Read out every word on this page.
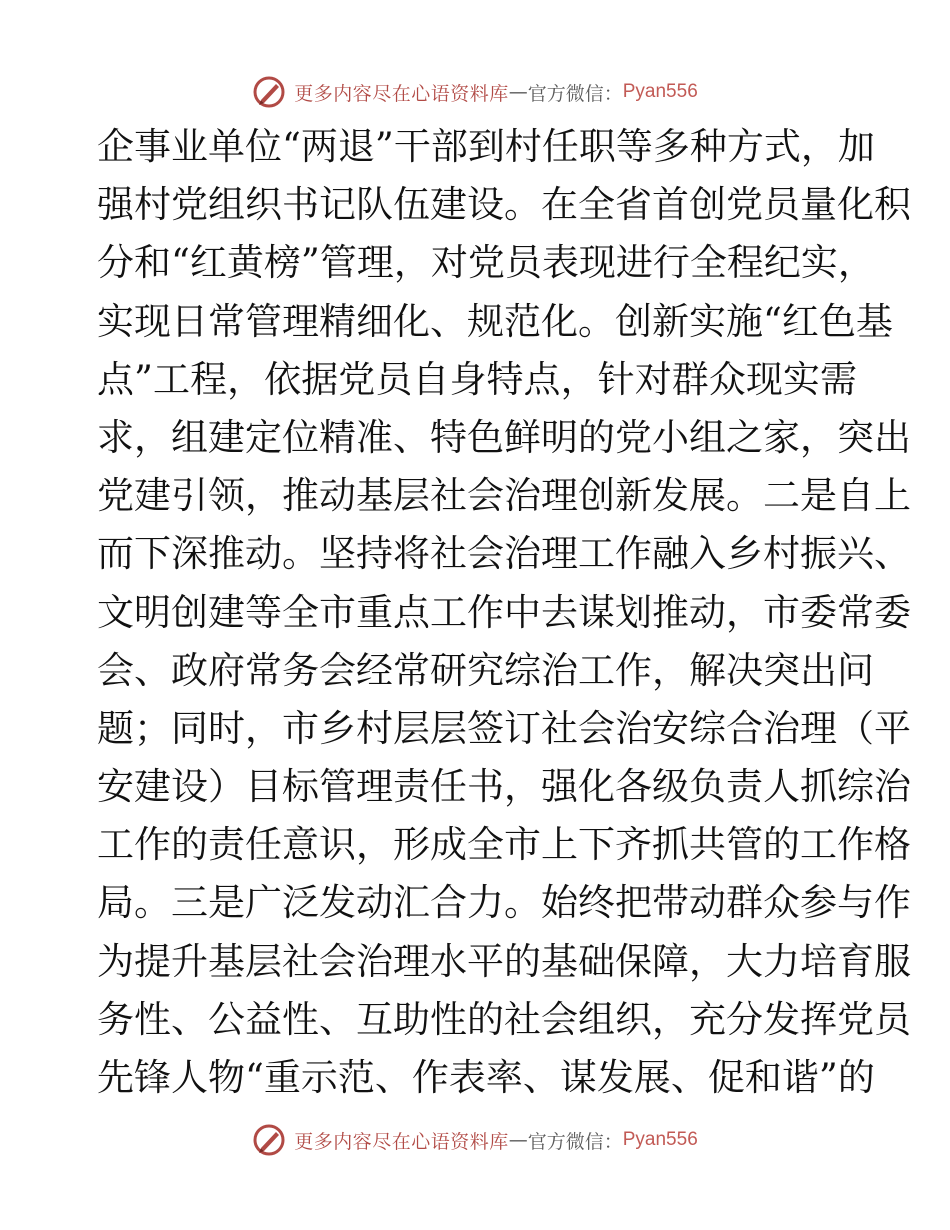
更多内容尽在心语资料库 — 官方微信： Pyan556
企事业单位“两退”干部到村任职等多种方式，加
强村党组织书记队伍建设。在全省首创党员量化积
分和“红黄榜”管理，对党员表现进行全程纪实，
实现日常管理精细化、规范化。创新实施“红色基
点”工程，依据党员自身特点，针对群众现实需
求，组建定位精准、特色鲜明的党小组之家，突出
党建引领，推动基层社会治理创新发展。二是自上
而下深推动。坚持将社会治理工作融入乡村振兴、
文明创建等全市重点工作中去谋划推动，市委常委
会、政府常务会经常研究综治工作，解决突出问
题；同时，市乡村层层签订社会治安综合治理（平
安建设）目标管理责任书，强化各级负责人抓综治
工作的责任意识，形成全市上下齐抓共管的工作格
局。三是广泛发动汇合力。始终把带动群众参与作
为提升基层社会治理水平的基础保障，大力培育服
务性、公益性、互助性的社会组织，充分发挥党员
先锋人物“重示范、作表率、谋发展、促和谐”的
更多内容尽在心语资料库 — 官方微信： Pyan556
